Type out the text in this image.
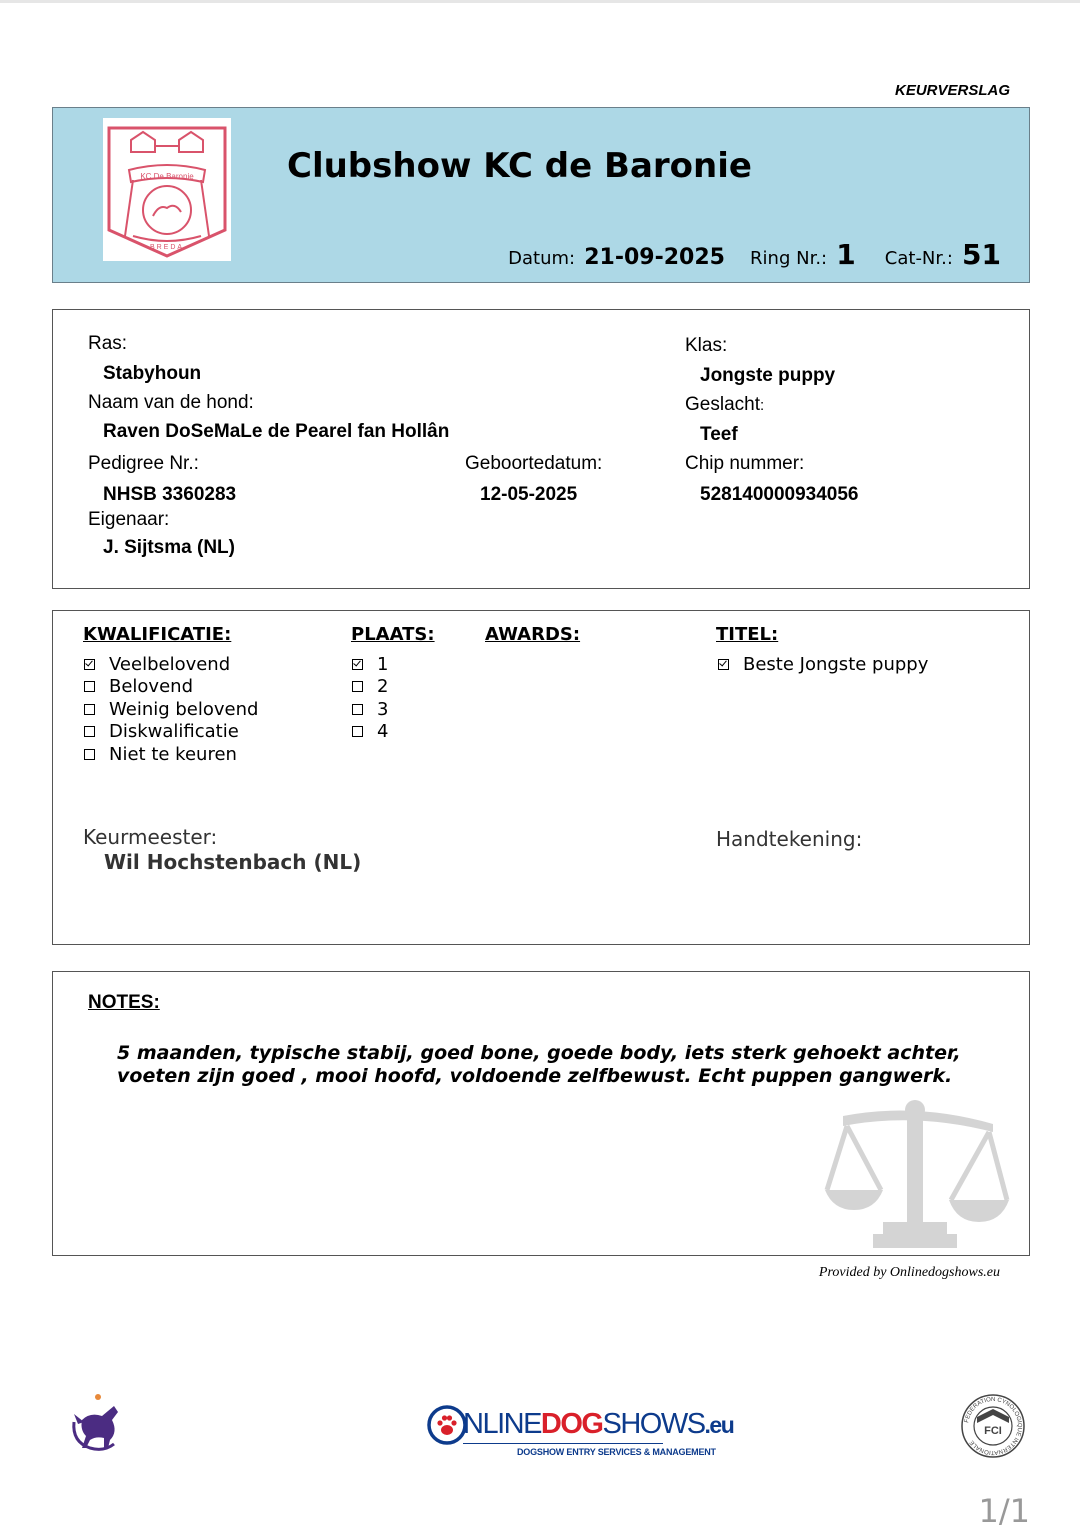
KEURVERSLAG
KC De Baronie
BREDA
Clubshow KC de Baronie
Datum: 21-09-2025 Ring Nr.: 1 Cat-Nr.: 51
Ras:
Stabyhoun
Naam van de hond:
Raven DoSeMaLe de Pearel fan Hollân
Pedigree Nr.:
NHSB 3360283
Geboortedatum:
12-05-2025
Eigenaar:
J. Sijtsma (NL)
Klas:
Jongste puppy
Geslacht:
Teef
Chip nummer:
528140000934056
KWALIFICATIE:
Veelbelovend
Belovend
Weinig belovend
Diskwalificatie
Niet te keuren
PLAATS:
1
2
3
4
AWARDS:	TITEL:
Beste Jongste puppy
Keurmeester:
Wil Hochstenbach (NL)
Handtekening:
NOTES:
5 maanden, typische stabij, goed bone, goede body, iets sterk gehoekt achter, voeten zijn goed , mooi hoofd, voldoende zelfbewust. Echt puppen gangwerk.
Provided by Onlinedogshows.eu
NLINEDOGSHOWS.eu
DOGSHOW ENTRY SERVICES & MANAGEMENT
FEDERATION CYNOLOGIQUE INTERNATIONALE
FCI
1/1
